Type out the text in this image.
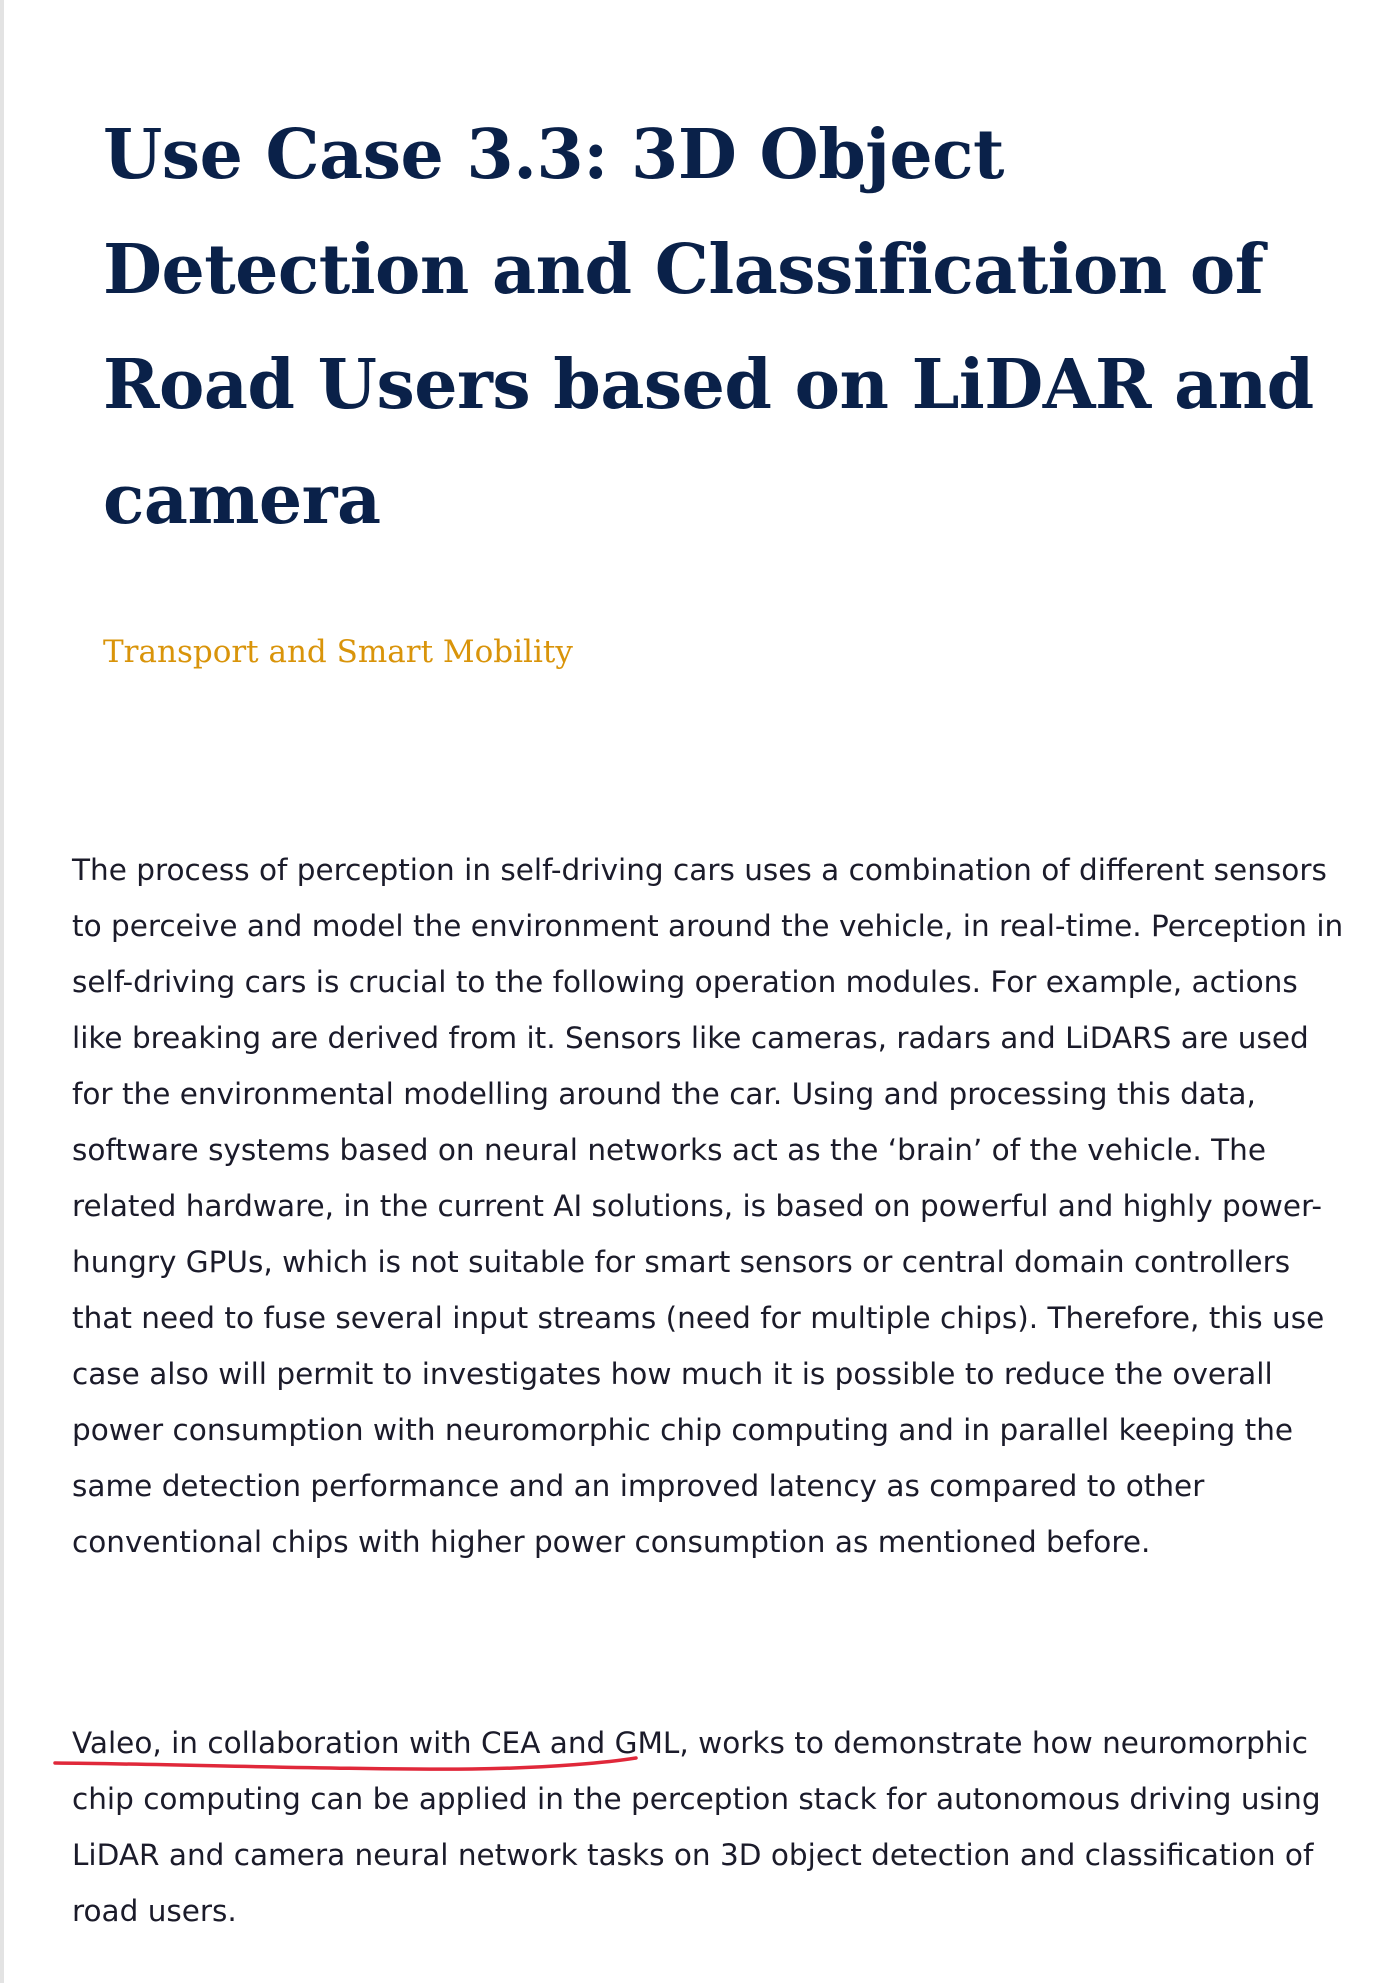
Use Case 3.3: 3D Object Detection and Classification of Road Users based on LiDAR and camera

Transport and Smart Mobility

The process of perception in self-driving cars uses a combination of different sensors to perceive and model the environment around the vehicle, in real-time. Perception in self-driving cars is crucial to the following operation modules. For example, actions like breaking are derived from it. Sensors like cameras, radars and LiDARS are used for the environmental modelling around the car. Using and processing this data, software systems based on neural networks act as the ‘brain’ of the vehicle. The related hardware, in the current AI solutions, is based on powerful and highly power-hungry GPUs, which is not suitable for smart sensors or central domain controllers that need to fuse several input streams (need for multiple chips). Therefore, this use case also will permit to investigates how much it is possible to reduce the overall power consumption with neuromorphic chip computing and in parallel keeping the same detection performance and an improved latency as compared to other conventional chips with higher power consumption as mentioned before.

Valeo, in collaboration with CEA and GML, works to demonstrate how neuromorphic chip computing can be applied in the perception stack for autonomous driving using LiDAR and camera neural network tasks on 3D object detection and classification of road users.
